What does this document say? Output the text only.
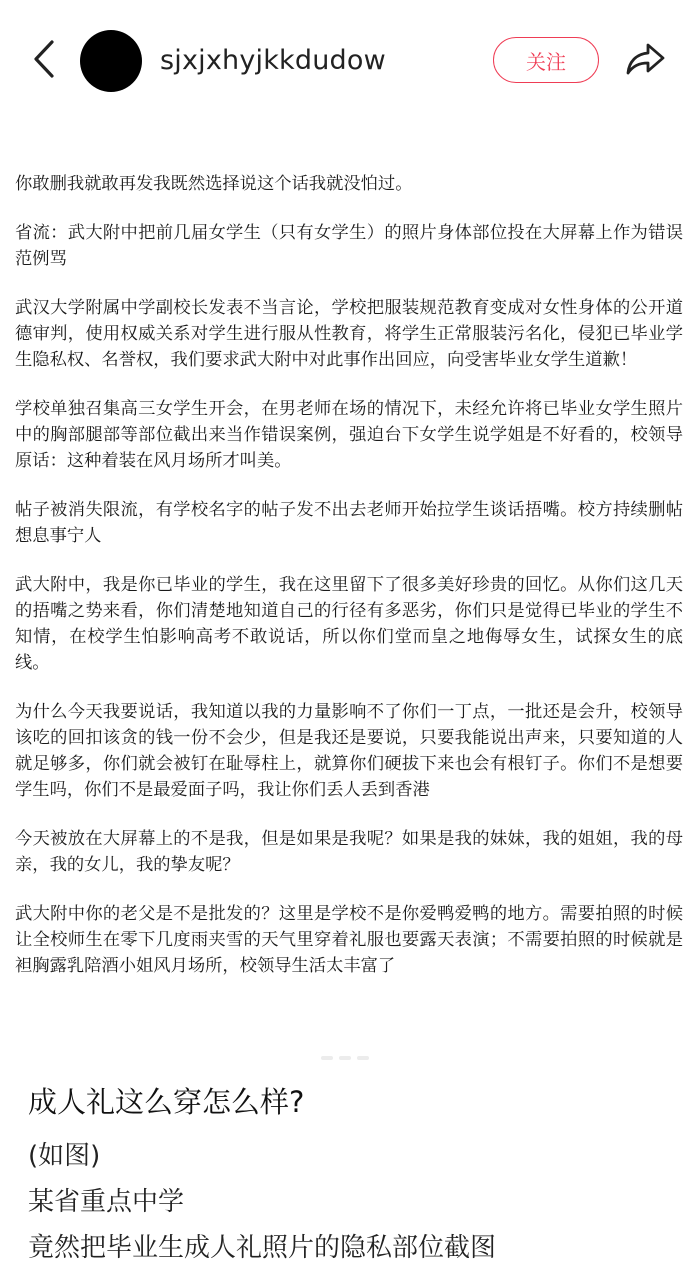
sjxjxhyjkkdudow	关注

你敢删我就敢再发我既然选择说这个话我就没怕过。

省流：武大附中把前几届女学生（只有女学生）的照片身体部位投在大屏幕上作为错误范例骂

武汉大学附属中学副校长发表不当言论，学校把服装规范教育变成对女性身体的公开道德审判，使用权威关系对学生进行服从性教育，将学生正常服装污名化，侵犯已毕业学生隐私权、名誉权，我们要求武大附中对此事作出回应，向受害毕业女学生道歉！

学校单独召集高三女学生开会，在男老师在场的情况下，未经允许将已毕业女学生照片中的胸部腿部等部位截出来当作错误案例，强迫台下女学生说学姐是不好看的，校领导原话：这种着装在风月场所才叫美。

帖子被消失限流，有学校名字的帖子发不出去老师开始拉学生谈话捂嘴。校方持续删帖想息事宁人

武大附中，我是你已毕业的学生，我在这里留下了很多美好珍贵的回忆。从你们这几天的捂嘴之势来看，你们清楚地知道自己的行径有多恶劣，你们只是觉得已毕业的学生不知情，在校学生怕影响高考不敢说话，所以你们堂而皇之地侮辱女生，试探女生的底线。

为什么今天我要说话，我知道以我的力量影响不了你们一丁点，一批还是会升，校领导该吃的回扣该贪的钱一份不会少，但是我还是要说，只要我能说出声来，只要知道的人就足够多，你们就会被钉在耻辱柱上，就算你们硬拔下来也会有根钉子。你们不是想要学生吗，你们不是最爱面子吗，我让你们丢人丢到香港

今天被放在大屏幕上的不是我，但是如果是我呢？如果是我的妹妹，我的姐姐，我的母亲，我的女儿，我的挚友呢？

武大附中你的老父是不是批发的？这里是学校不是你爱鸭爱鸭的地方。需要拍照的时候让全校师生在零下几度雨夹雪的天气里穿着礼服也要露天表演；不需要拍照的时候就是袒胸露乳陪酒小姐风月场所，校领导生活太丰富了

成人礼这么穿怎么样?
(如图)
某省重点中学
竟然把毕业生成人礼照片的隐私部位截图
